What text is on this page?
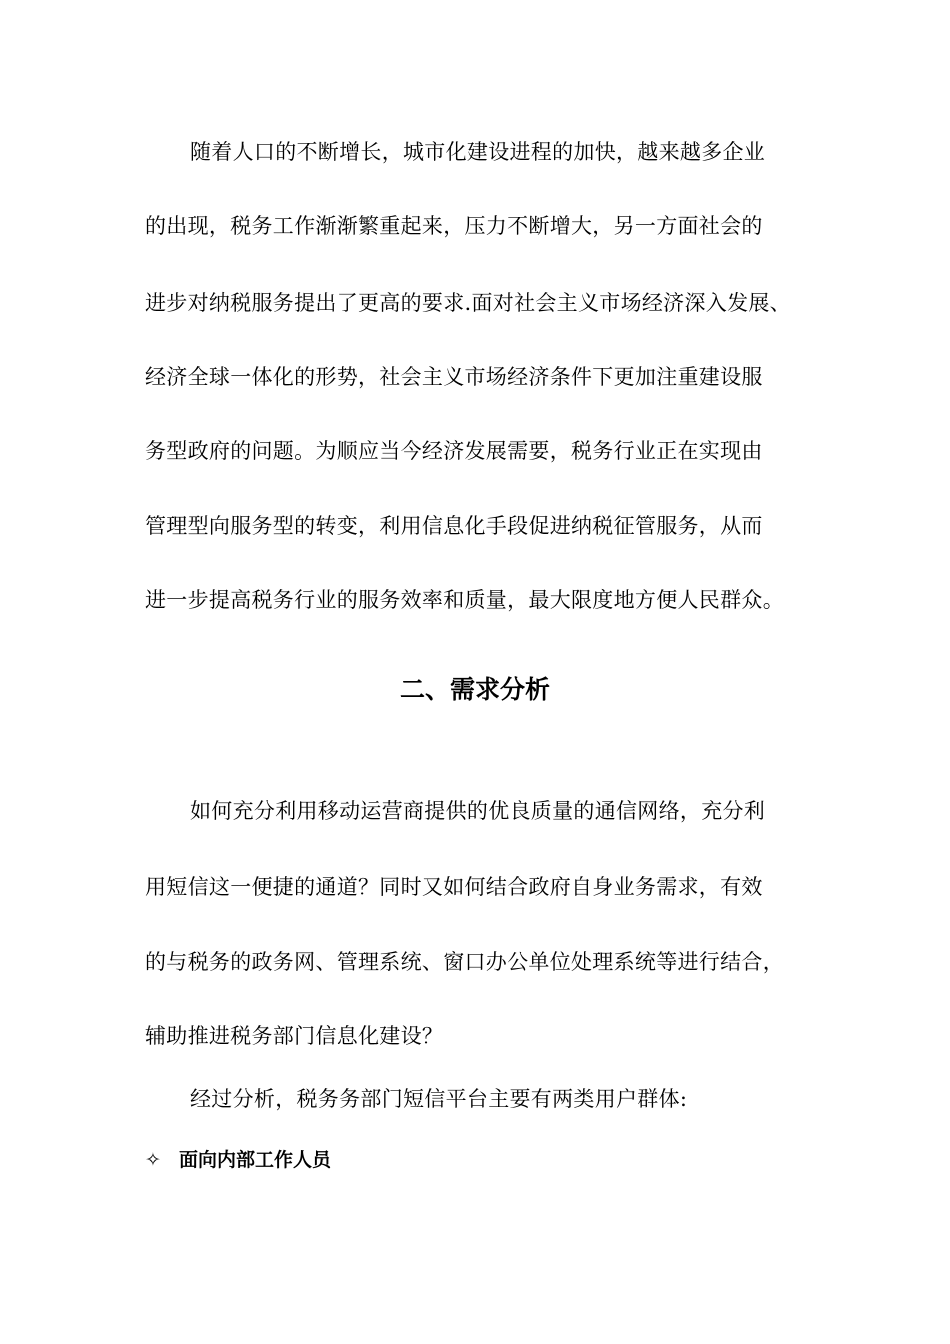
随着人口的不断增长，城市化建设进程的加快，越来越多企业
的出现，税务工作渐渐繁重起来，压力不断增大，另一方面社会的
进步对纳税服务提出了更高的要求.面对社会主义市场经济深入发展、
经济全球一体化的形势，社会主义市场经济条件下更加注重建设服
务型政府的问题。为顺应当今经济发展需要，税务行业正在实现由
管理型向服务型的转变，利用信息化手段促进纳税征管服务，从而
进一步提高税务行业的服务效率和质量，最大限度地方便人民群众。
二、需求分析
如何充分利用移动运营商提供的优良质量的通信网络，充分利
用短信这一便捷的通道？同时又如何结合政府自身业务需求，有效
的与税务的政务网、管理系统、窗口办公单位处理系统等进行结合，
辅助推进税务部门信息化建设？
经过分析，税务务部门短信平台主要有两类用户群体:
✧ 面向内部工作人员
